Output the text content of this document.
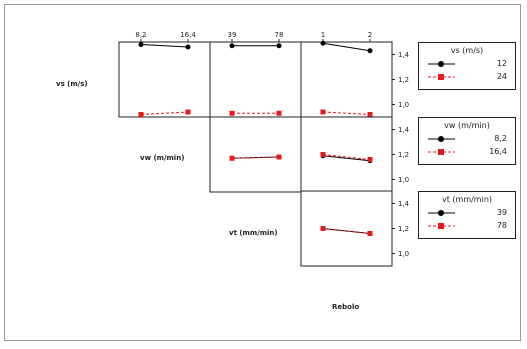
8,2	16,4	39	78	1	2
1,0
1,2
1,4
1,0
1,2
1,4
1,0
1,2
1,4
vs (m/s)
vw (m/min)
vt (mm/min)
Rebolo
vs (m/s)
12
24
vw (m/min)
8,2
16,4
vt (mm/min)
39
78
